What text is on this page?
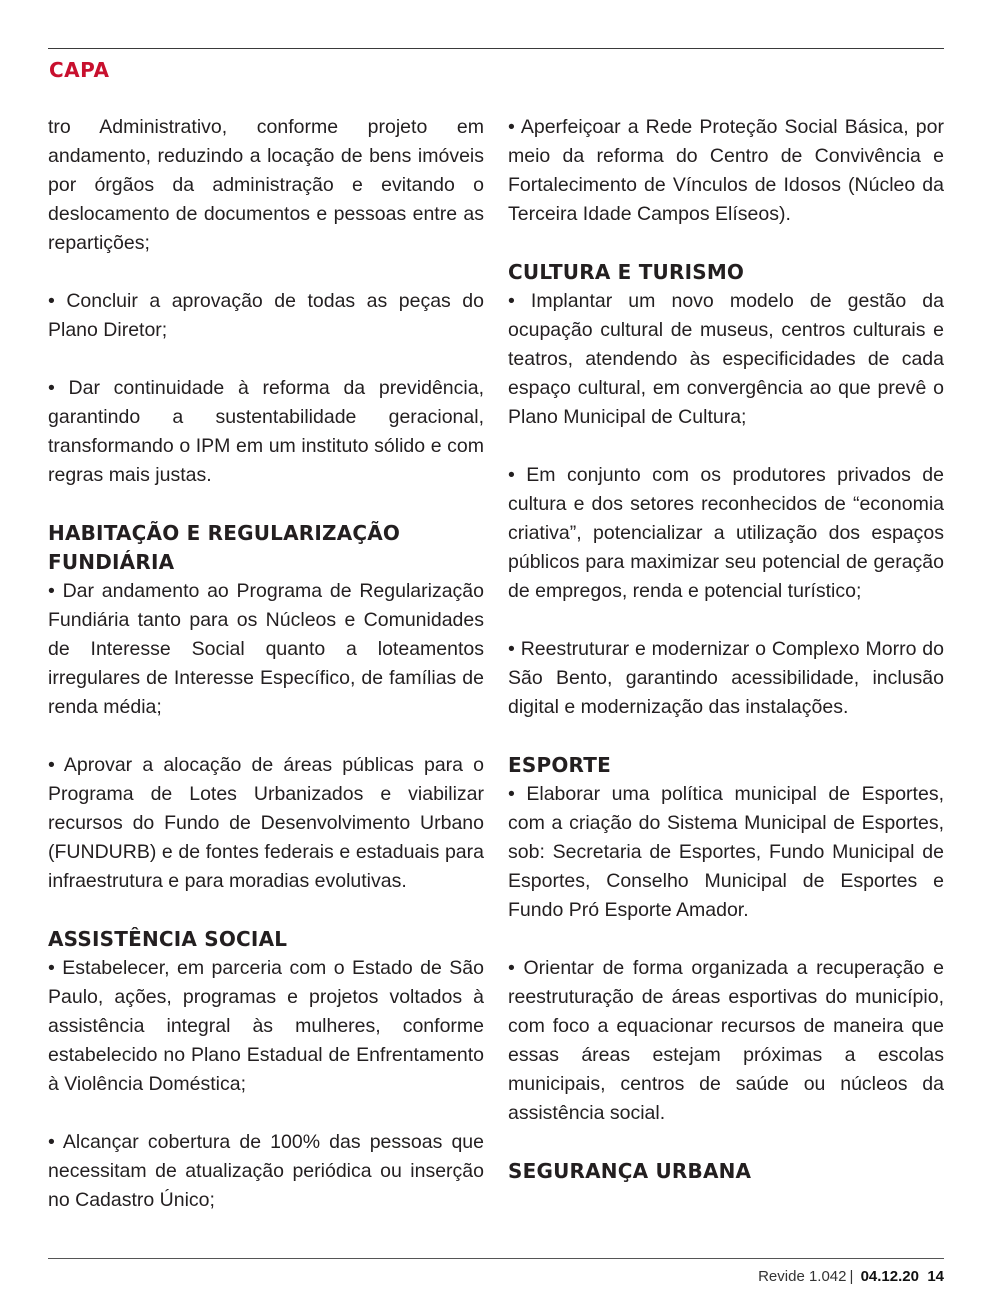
CAPA

tro Administrativo, conforme projeto em andamento, reduzindo a locação de bens imóveis por órgãos da administração e evitando o deslocamento de documentos e pessoas entre as repartições;

• Concluir a aprovação de todas as peças do Plano Diretor;

• Dar continuidade à reforma da previdência, garantindo a sustentabilidade geracional, transformando o IPM em um instituto sólido e com regras mais justas.

HABITAÇÃO E REGULARIZAÇÃO FUNDIÁRIA

• Dar andamento ao Programa de Regularização Fundiária tanto para os Núcleos e Comunidades de Interesse Social quanto a loteamentos irregulares de Interesse Específico, de famílias de renda média;

• Aprovar a alocação de áreas públicas para o Programa de Lotes Urbanizados e viabilizar recursos do Fundo de Desenvolvimento Urbano (FUNDURB) e de fontes federais e estaduais para infraestrutura e para moradias evolutivas.

ASSISTÊNCIA SOCIAL

• Estabelecer, em parceria com o Estado de São Paulo, ações, programas e projetos voltados à assistência integral às mulheres, conforme estabelecido no Plano Estadual de Enfrentamento à Violência Doméstica;

• Alcançar cobertura de 100% das pessoas que necessitam de atualização periódica ou inserção no Cadastro Único;

• Aperfeiçoar a Rede Proteção Social Básica, por meio da reforma do Centro de Convivência e Fortalecimento de Vínculos de Idosos (Núcleo da Terceira Idade Campos Elíseos).

CULTURA E TURISMO

• Implantar um novo modelo de gestão da ocupação cultural de museus, centros culturais e teatros, atendendo às especificidades de cada espaço cultural, em convergência ao que prevê o Plano Municipal de Cultura;

• Em conjunto com os produtores privados de cultura e dos setores reconhecidos de “economia criativa”, potencializar a utilização dos espaços públicos para maximizar seu potencial de geração de empregos, renda e potencial turístico;

• Reestruturar e modernizar o Complexo Morro do São Bento, garantindo acessibilidade, inclusão digital e modernização das instalações.

ESPORTE

• Elaborar uma política municipal de Esportes, com a criação do Sistema Municipal de Esportes, sob: Secretaria de Esportes, Fundo Municipal de Esportes, Conselho Municipal de Esportes e Fundo Pró Esporte Amador.

• Orientar de forma organizada a recuperação e reestruturação de áreas esportivas do município, com foco a equacionar recursos de maneira que essas áreas estejam próximas a escolas municipais, centros de saúde ou núcleos da assistência social.

SEGURANÇA URBANA
Revide 1.042 | 04.12.20 14
